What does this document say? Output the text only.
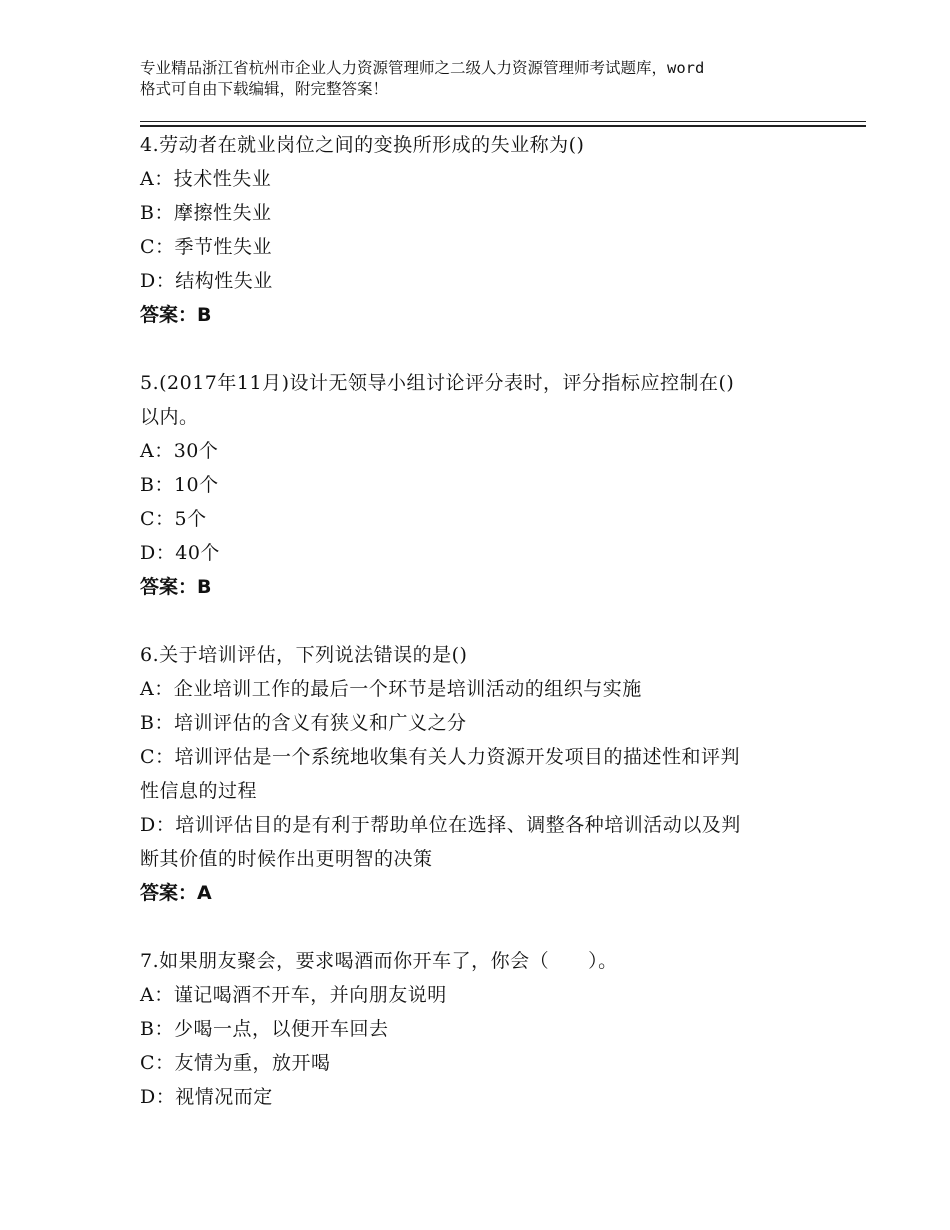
专业精品浙江省杭州市企业人力资源管理师之二级人力资源管理师考试题库，word
格式可自由下载编辑，附完整答案！
4.劳动者在就业岗位之间的变换所形成的失业称为()
A：技术性失业
B：摩擦性失业
C：季节性失业
D：结构性失业
答案：B
5.(2017年11月)设计无领导小组讨论评分表时，评分指标应控制在()
以内。
A：30个
B：10个
C：5个
D：40个
答案：B
6.关于培训评估，下列说法错误的是()
A：企业培训工作的最后一个环节是培训活动的组织与实施
B：培训评估的含义有狭义和广义之分
C：培训评估是一个系统地收集有关人力资源开发项目的描述性和评判
性信息的过程
D：培训评估目的是有利于帮助单位在选择、调整各种培训活动以及判
断其价值的时候作出更明智的决策
答案：A
7.如果朋友聚会，要求喝酒而你开车了，你会（　　）。
A：谨记喝酒不开车，并向朋友说明
B：少喝一点，以便开车回去
C：友情为重，放开喝
D：视情况而定
